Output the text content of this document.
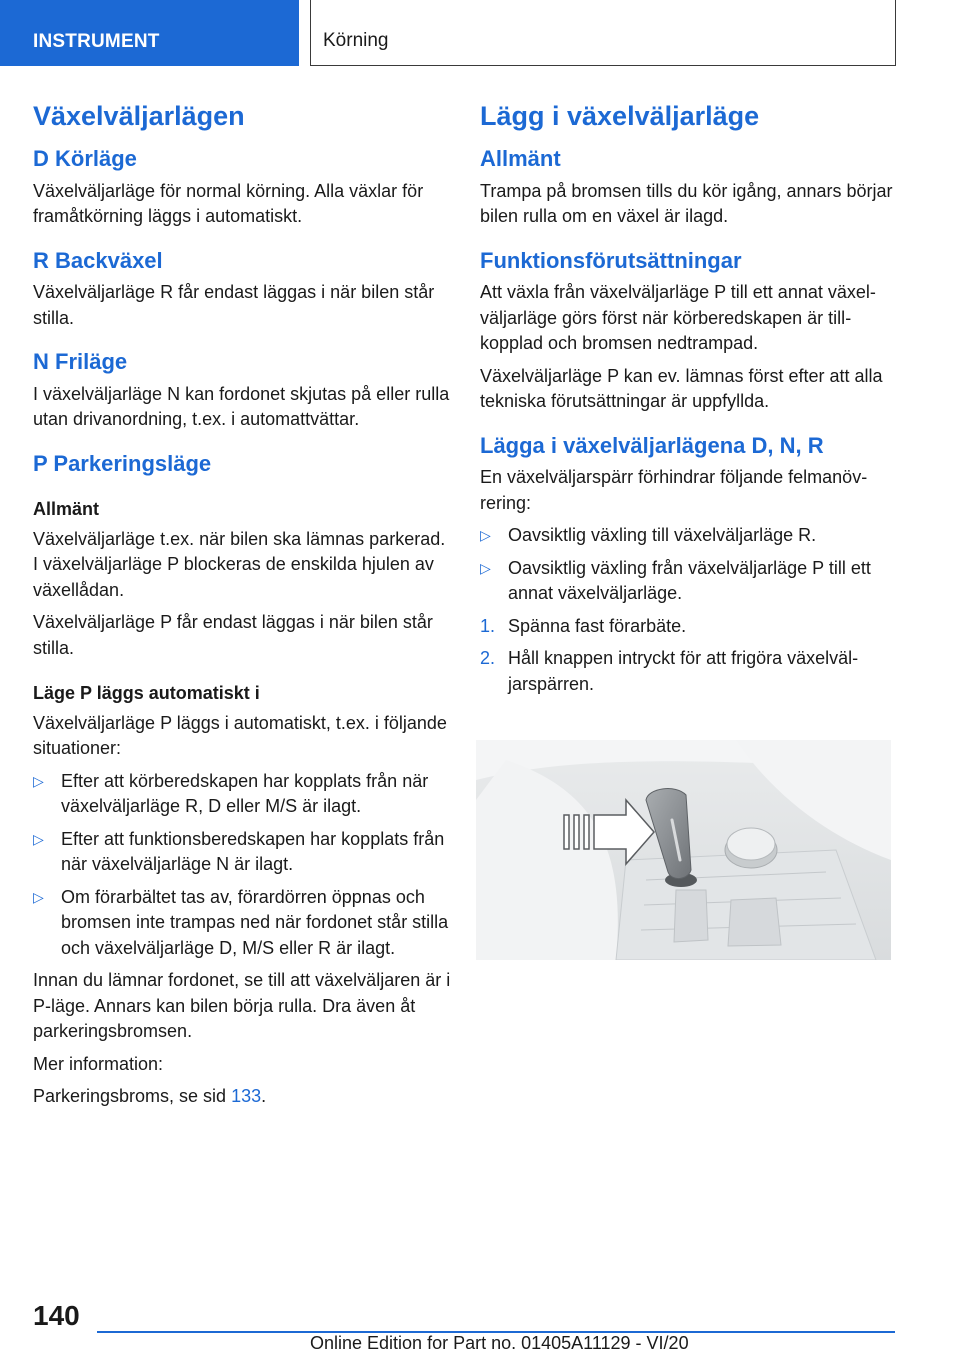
INSTRUMENT	Körning
Växelväljarlägen
D Körläge

Växelväljarläge för normal körning. Alla växlar för framåtkörning läggs i automatiskt.

R Backväxel

Växelväljarläge R får endast läggas i när bilen står stilla.

N Friläge

I växelväljarläge N kan fordonet skjutas på eller rulla utan drivanordning, t.ex. i automattvättar.

P Parkeringsläge
Allmänt

Växelväljarläge t.ex. när bilen ska lämnas parkerad. I växelväljarläge P blockeras de enskilda hjulen av växellådan.

Växelväljarläge P får endast läggas i när bilen står stilla.

Läge P läggs automatiskt i

Växelväljarläge P läggs i automatiskt, t.ex. i följande situationer:

▷ Efter att körberedskapen har kopplats från när växelväljarläge R, D eller M/S är ilagt.
▷ Efter att funktionsberedskapen har kopplats från när växelväljarläge N är ilagt.
▷ Om förarbältet tas av, förardörren öppnas och bromsen inte trampas ned när fordonet står stilla och växelväljarläge D, M/S eller R är ilagt.

Innan du lämnar fordonet, se till att växelväljaren är i P-läge. Annars kan bilen börja rulla. Dra även åt parkeringsbromsen.

Mer information:

Parkeringsbroms, se sid 133.

Lägg i växelväljarläge
Allmänt

Trampa på bromsen tills du kör igång, annars börjar bilen rulla om en växel är ilagd.

Funktionsförutsättningar

Att växla från växelväljarläge P till ett annat växelväljarläge görs först när körberedskapen är tillkopplad och bromsen nedtrampad.

Växelväljarläge P kan ev. lämnas först efter att alla tekniska förutsättningar är uppfyllda.

Lägga i växelväljarlägena D, N, R

En växelväljarspärr förhindrar följande felmanövrering:

▷ Oavsiktlig växling till växelväljarläge R.
▷ Oavsiktlig växling från växelväljarläge P till ett annat växelväljarläge.
1. Spänna fast förarbäte.
2. Håll knappen intryckt för att frigöra växelväljarspärren.
140
Online Edition for Part no. 01405A11129 - VI/20
